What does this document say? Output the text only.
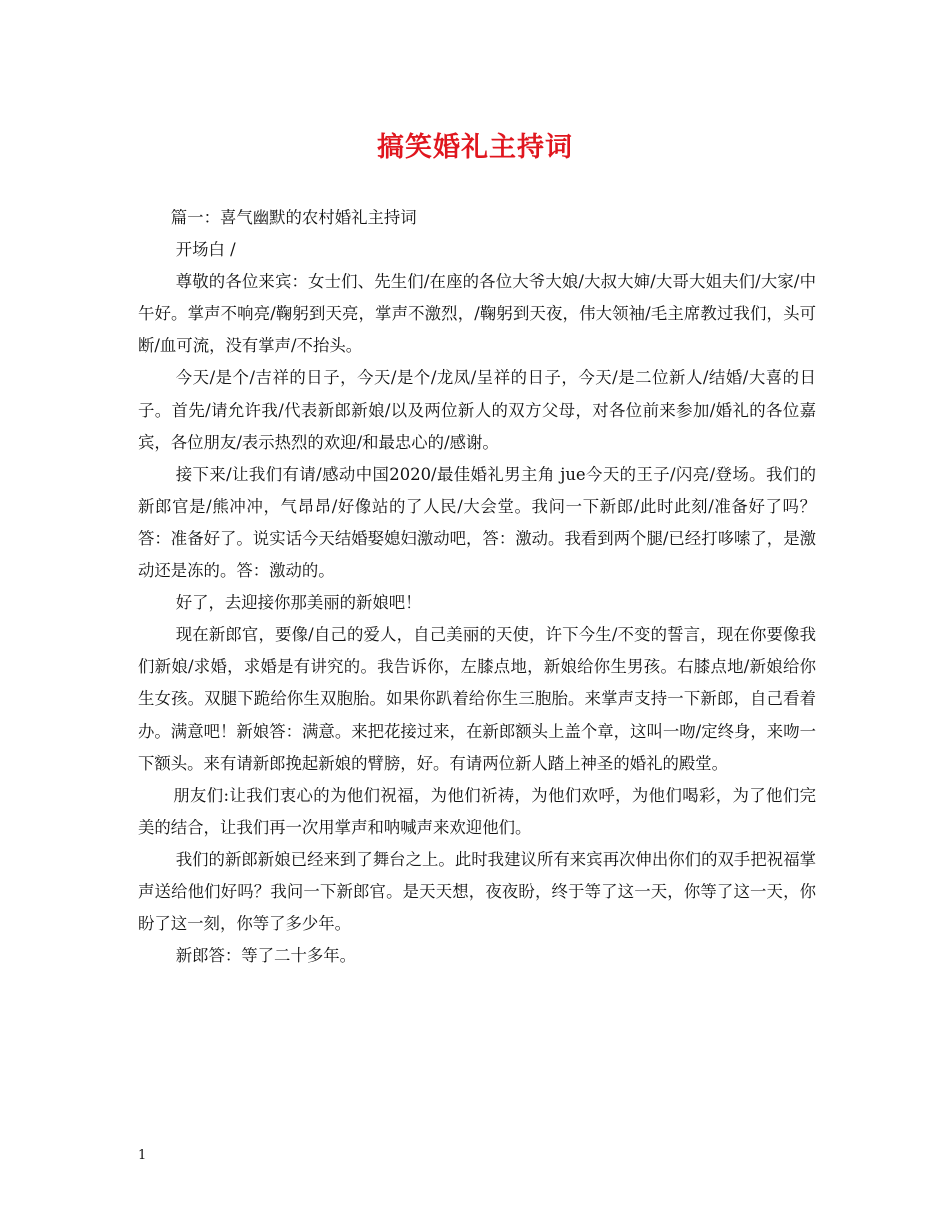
搞笑婚礼主持词

篇一：喜气幽默的农村婚礼主持词

开场白 /

尊敬的各位来宾：女士们、先生们/在座的各位大爷大娘/大叔大婶/大哥大姐夫们/大家/中午好。掌声不响亮/鞠躬到天亮，掌声不激烈，/鞠躬到天夜，伟大领袖/毛主席教过我们，头可断/血可流，没有掌声/不抬头。

今天/是个/吉祥的日子，今天/是个/龙凤/呈祥的日子，今天/是二位新人/结婚/大喜的日子。首先/请允许我/代表新郎新娘/以及两位新人的双方父母，对各位前来参加/婚礼的各位嘉宾，各位朋友/表示热烈的欢迎/和最忠心的/感谢。

接下来/让我们有请/感动中国2020/最佳婚礼男主角 jue今天的王子/闪亮/登场。我们的新郎官是/熊冲冲，气昂昂/好像站的了人民/大会堂。我问一下新郎/此时此刻/准备好了吗？答：准备好了。说实话今天结婚娶媳妇激动吧，答：激动。我看到两个腿/已经打哆嗦了，是激动还是冻的。答：激动的。

好了，去迎接你那美丽的新娘吧！

现在新郎官，要像/自己的爱人，自己美丽的天使，许下今生/不变的誓言，现在你要像我们新娘/求婚，求婚是有讲究的。我告诉你，左膝点地，新娘给你生男孩。右膝点地/新娘给你生女孩。双腿下跪给你生双胞胎。如果你趴着给你生三胞胎。来掌声支持一下新郎，自己看着办。满意吧！新娘答：满意。来把花接过来，在新郎额头上盖个章，这叫一吻/定终身，来吻一下额头。来有请新郎挽起新娘的臂膀，好。有请两位新人踏上神圣的婚礼的殿堂。

朋友们:让我们衷心的为他们祝福，为他们祈祷，为他们欢呼，为他们喝彩，为了他们完美的结合，让我们再一次用掌声和呐喊声来欢迎他们。

我们的新郎新娘已经来到了舞台之上。此时我建议所有来宾再次伸出你们的双手把祝福掌声送给他们好吗？我问一下新郎官。是天天想，夜夜盼，终于等了这一天，你等了这一天，你盼了这一刻，你等了多少年。

新郎答：等了二十多年。

1
